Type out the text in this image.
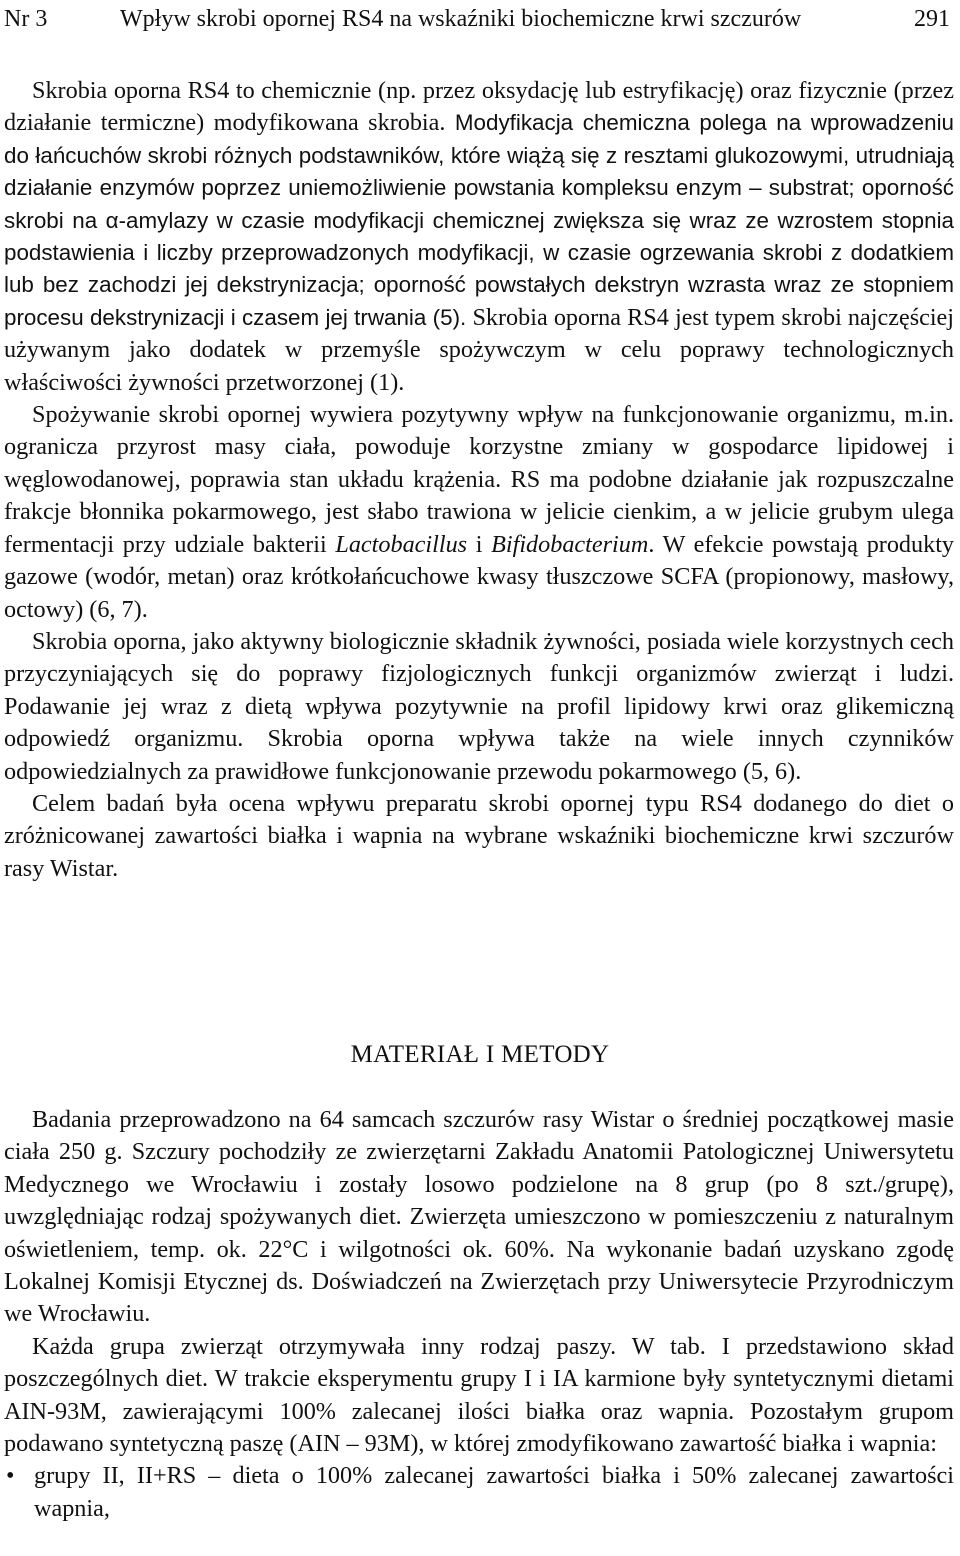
Nr 3	Wpływ skrobi opornej RS4 na wskaźniki biochemiczne krwi szczurów	291

Skrobia oporna RS4 to chemicznie (np. przez oksydację lub estryfikację) oraz fizycznie (przez działanie termiczne) modyfikowana skrobia. Modyfikacja chemiczna polega na wprowadzeniu do łańcuchów skrobi różnych podstawników, które wiążą się z resztami glukozowymi, utrudniają działanie enzymów poprzez uniemożliwienie powstania kompleksu enzym – substrat; oporność skrobi na α-amylazy w czasie modyfikacji chemicznej zwiększa się wraz ze wzrostem stopnia podstawienia i liczby przeprowadzonych modyfikacji, w czasie ogrzewania skrobi z dodatkiem lub bez zachodzi jej dekstrynizacja; oporność powstałych dekstryn wzrasta wraz ze stopniem procesu dekstrynizacji i czasem jej trwania (5). Skrobia oporna RS4 jest typem skrobi najczęściej używanym jako dodatek w przemyśle spożywczym w celu poprawy technologicznych właściwości żywności przetworzonej (1).

Spożywanie skrobi opornej wywiera pozytywny wpływ na funkcjonowanie organizmu, m.in. ogranicza przyrost masy ciała, powoduje korzystne zmiany w gospodarce lipidowej i węglowodanowej, poprawia stan układu krążenia. RS ma podobne działanie jak rozpuszczalne frakcje błonnika pokarmowego, jest słabo trawiona w jelicie cienkim, a w jelicie grubym ulega fermentacji przy udziale bakterii Lactobacillus i Bifidobacterium. W efekcie powstają produkty gazowe (wodór, metan) oraz krótkołańcuchowe kwasy tłuszczowe SCFA (propionowy, masłowy, octowy) (6, 7).

Skrobia oporna, jako aktywny biologicznie składnik żywności, posiada wiele korzystnych cech przyczyniających się do poprawy fizjologicznych funkcji organizmów zwierząt i ludzi. Podawanie jej wraz z dietą wpływa pozytywnie na profil lipidowy krwi oraz glikemiczną odpowiedź organizmu. Skrobia oporna wpływa także na wiele innych czynników odpowiedzialnych za prawidłowe funkcjonowanie przewodu pokarmowego (5, 6).

Celem badań była ocena wpływu preparatu skrobi opornej typu RS4 dodanego do diet o zróżnicowanej zawartości białka i wapnia na wybrane wskaźniki biochemiczne krwi szczurów rasy Wistar.

MATERIAŁ I METODY

Badania przeprowadzono na 64 samcach szczurów rasy Wistar o średniej początkowej masie ciała 250 g. Szczury pochodziły ze zwierzętarni Zakładu Anatomii Patologicznej Uniwersytetu Medycznego we Wrocławiu i zostały losowo podzielone na 8 grup (po 8 szt./grupę), uwzględniając rodzaj spożywanych diet. Zwierzęta umieszczono w pomieszczeniu z naturalnym oświetleniem, temp. ok. 22°C i wilgotności ok. 60%. Na wykonanie badań uzyskano zgodę Lokalnej Komisji Etycznej ds. Doświadczeń na Zwierzętach przy Uniwersytecie Przyrodniczym we Wrocławiu.

Każda grupa zwierząt otrzymywała inny rodzaj paszy. W tab. I przedstawiono skład poszczególnych diet. W trakcie eksperymentu grupy I i IA karmione były syntetycznymi dietami AIN-93M, zawierającymi 100% zalecanej ilości białka oraz wapnia. Pozostałym grupom podawano syntetyczną paszę (AIN – 93M), w której zmodyfikowano zawartość białka i wapnia:

• grupy II, II+RS – dieta o 100% zalecanej zawartości białka i 50% zalecanej zawartości wapnia,
